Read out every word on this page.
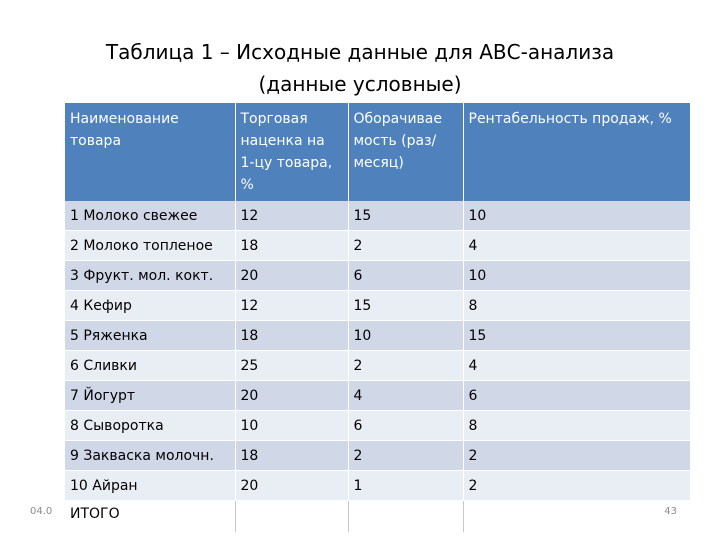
Таблица 1 – Исходные данные для АВС-анализа
(данные условные)
Наименование товара	Торговая наценка на 1-цу товара, %	Оборачивае мость (раз/месяц)	Рентабельность продаж, %
1 Молоко свежее	12	15	10
2 Молоко топленое	18	2	4
3 Фрукт. мол. кокт.	20	6	10
4 Кефир	12	15	8
5 Ряженка	18	10	15
6 Сливки	25	2	4
7 Йогурт	20	4	6
8 Сыворотка	10	6	8
9 Закваска молочн.	18	2	2
10 Айран	20	1	2
ИТОГО			
04.0	43
